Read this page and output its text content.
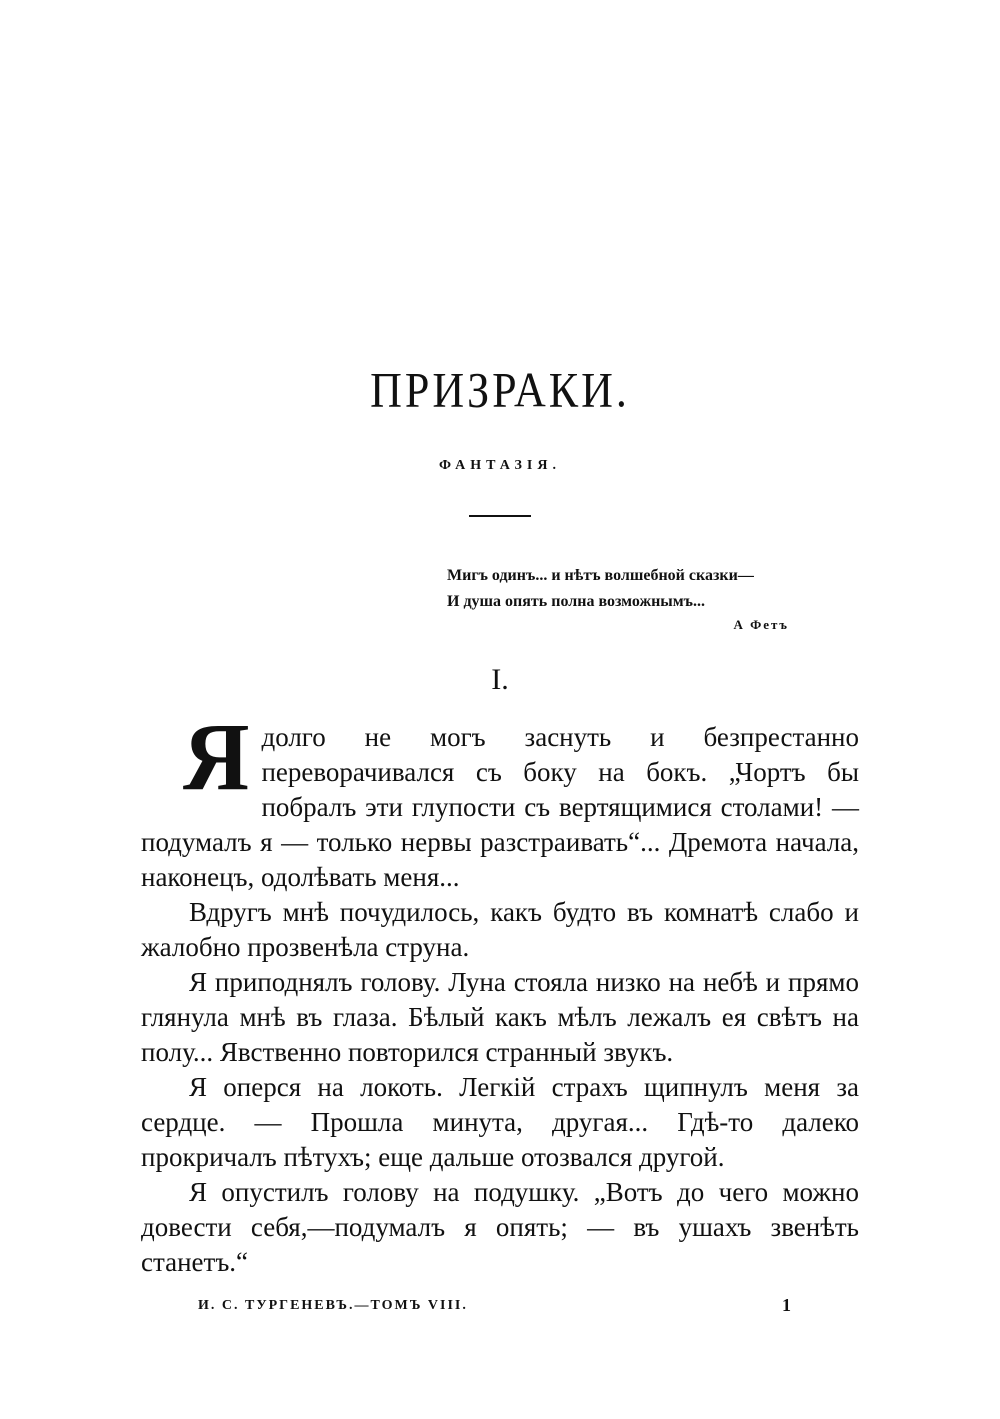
ПРИЗРАКИ.
ФАНТАЗІЯ.
Мигъ одинъ... и нѣтъ волшебной сказки—
И душа опять полна возможнымъ...
А Фетъ
I.

Ядолго не могъ заснуть и безпрестанно переворачивался съ боку на бокъ. „Чортъ бы побралъ эти глупости съ вертящимися столами! — подумалъ я — только нервы разстраивать“... Дремота начала, наконецъ, одолѣвать меня...

Вдругъ мнѣ почудилось, какъ будто въ комнатѣ слабо и жалобно прозвенѣла струна.

Я приподнялъ голову. Луна стояла низко на небѣ и прямо глянула мнѣ въ глаза. Бѣлый какъ мѣлъ лежалъ ея свѣтъ на полу... Явственно повторился странный звукъ.

Я оперся на локоть. Легкій страхъ щипнулъ меня за сердце. — Прошла минута, другая... Гдѣ-то далеко прокричалъ пѣтухъ; еще дальше отозвался другой.

Я опустилъ голову на подушку. „Вотъ до чего можно довести себя,—подумалъ я опять; — въ ушахъ звенѣть станетъ.“

И. С. ТУРГЕНЕВЪ.—ТОМЪ VIII.	1
